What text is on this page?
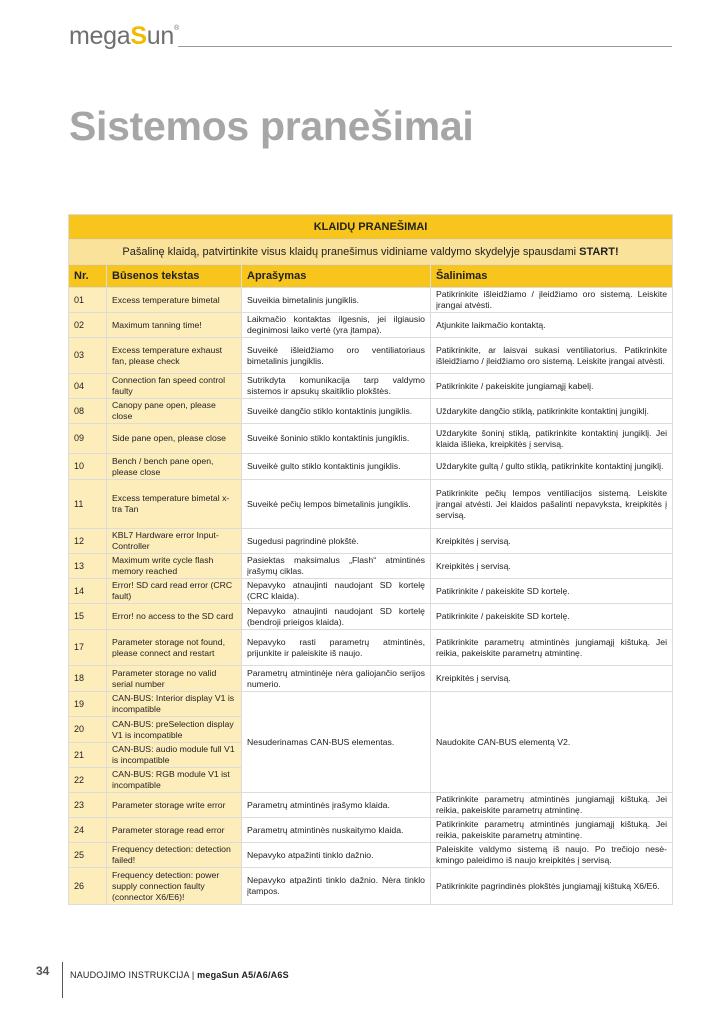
megaSun®
Sistemos pranešimai
KLAIDŲ PRANEŠIMAI			
Pašalinę klaidą, patvirtinkite visus klaidų pranešimus vidiniame valdymo skydelyje spausdami START!			
Nr.	Būsenos tekstas	Aprašymas	Šalinimas
01	Excess temperature bimetal	Suveikia bimetalinis jungiklis.	Patikrinkite išleidžiamo / įleidžiamo oro sistemą. Leiskite įrangai atvėsti.
02	Maximum tanning time!	Laikmačio kontaktas ilgesnis, jei ilgiausio deginimosi laiko vertė (yra įtampa).	Atjunkite laikmačio kontaktą.
03	Excess temperature exhaust fan, please check	Suveikė išleidžiamo oro ventiliatoriaus bimetalinis jungiklis.	Patikrinkite, ar laisvai sukasi ventiliatorius. Patikrinkite išleidžiamo / įleidžiamo oro sistemą. Leiskite įrangai atvėsti.
04	Connection fan speed control faulty	Sutrikdyta komunikacija tarp valdymo sistemos ir apsukų skaitiklio plokštės.	Patikrinkite / pakeiskite jungiamąjį kabelį.
08	Canopy pane open, please close	Suveikė dangčio stiklo kontaktinis jungiklis.	Uždarykite dangčio stiklą, patikrinkite kontaktinį jungiklį.
09	Side pane open, please close	Suveikė šoninio stiklo kontaktinis jungiklis.	Uždarykite šoninį stiklą, patikrinkite kontaktinį jungiklį. Jei klaida išlieka, kreipkitės į servisą.
10	Bench / bench pane open, please close	Suveikė gulto stiklo kontaktinis jungiklis.	Uždarykite gultą / gulto stiklą, patikrinkite kontaktinį jungiklį.
11	Excess temperature bimetal x-tra Tan	Suveikė pečių lempos bimetalinis jungiklis.	Patikrinkite pečių lempos ventiliacijos sistemą. Leiskite įrangai atvėsti. Jei klaidos pašalinti nepavyksta, kreipkitės į servisą.
12	KBL7 Hardware error Input-Controller	Sugedusi pagrindinė plokštė.	Kreipkitės į servisą.
13	Maximum write cycle flash memory reached	Pasiektas maksimalus „Flash“ atmintinės įrašymų ciklas.	Kreipkitės į servisą.
14	Error! SD card read error (CRC fault)	Nepavyko atnaujinti naudojant SD kortelę (CRC klaida).	Patikrinkite / pakeiskite SD kortelę.
15	Error! no access to the SD card	Nepavyko atnaujinti naudojant SD kortelę (bendroji prieigos klaida).	Patikrinkite / pakeiskite SD kortelę.
17	Parameter storage not found, please connect and restart	Nepavyko rasti parametrų atmintinės, prijunkite ir paleiskite iš naujo.	Patikrinkite parametrų atmintinės jungiamąjį kištuką. Jei reikia, pakeiskite parametrų atmintinę.
18	Parameter storage no valid serial number	Parametrų atmintinėje nėra galiojančio serijos numerio.	Kreipkitės į servisą.
19	CAN-BUS: Interior display V1 is incompatible	Nesuderinamas CAN-BUS elementas.	Naudokite CAN-BUS elementą V2.
20	CAN-BUS: preSelection display V1 is incompatible		
21	CAN-BUS: audio module full V1 is incompatible		
22	CAN-BUS: RGB module V1 ist incompatible		
23	Parameter storage write error	Parametrų atmintinės įrašymo klaida.	Patikrinkite parametrų atmintinės jungiamąjį kištuką. Jei reikia, pakeiskite parametrų atmintinę.
24	Parameter storage read error	Parametrų atmintinės nuskaitymo klaida.	Patikrinkite parametrų atmintinės jungiamąjį kištuką. Jei reikia, pakeiskite parametrų atmintinę.
25	Frequency detection: detection failed!	Nepavyko atpažinti tinklo dažnio.	Paleiskite valdymo sistemą iš naujo. Po trečiojo nesėkmingo paleidimo iš naujo kreipkitės į servisą.
26	Frequency detection: power supply connection faulty (connector X6/E6)!	Nepavyko atpažinti tinklo dažnio. Nėra tinklo įtampos.	Patikrinkite pagrindinės plokštės jungiamąjį kištuką X6/E6.
34 NAUDOJIMO INSTRUKCIJA | megaSun A5/A6/A6S
